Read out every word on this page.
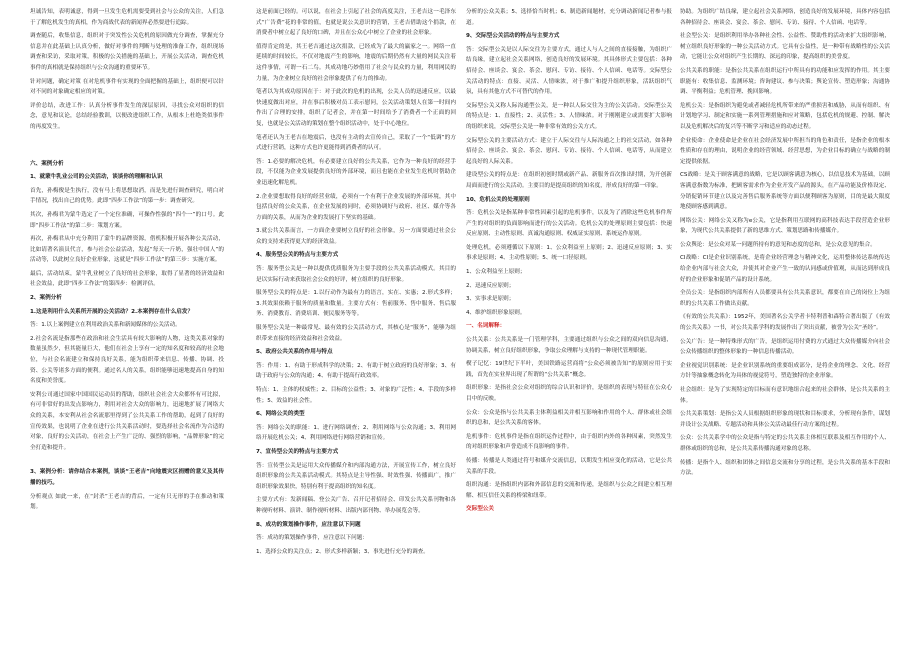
坦诚告知，表明诚意，得到一旦发生危机需要受到社会与公众的关注，人们急于了解危机发生的真相，作为商战代表的新闻界必然要进行追踪。

调查随后，收集信息，组织对于突发性公关危机的原因做充分调查，掌握充分信息并在此基础上认真分析，做好对事件的判断与处理的准备工作，组织现场调查和采访，采取对策，积极的公关措施的基础上，开展公关活动，调查危机事件的真相就是保持组织与公众沟通的重要环节。

针对问题，确定对策 在对危机事件有实现的全面把握的基础上，组织便可以针对不同的对象确定相应的对策。

评价总结，改进工作：认真分析事件发生的深层原因，寻找公众对组织的信念，意见和议论，总结经验教训，以便改进组织工作，从根本上杜绝类似事件的再度发生。

六、案例分析

1、就蒙牛乳业公司的公关活动，谈谈你的理解和认识

首先，孙梅俊是生执行，没有马上将思想取消，而是先进行调查研究，明白对手情况，找出自己的优势。此即“四步工作法”的第一步：调查研究。

其次，孙梅君为蒙牛选定了一个定位准确，可操作性强的“四个一”的口号。此即“四步工作法”的第二步：策划方案。

再次，孙梅君从中充分利用了蒙牛的品牌资源，借机积极开展各种公关活动，比如请著名演员代言，参与社会公益活动，发起“每天一斤奶，强壮中国人”的活动等，以此树立良好企业形象，这就是“四步工作法”的第三步：实施方案。

最后，活动结束，蒙牛乳业树立了良好的社会形象，取得了显著的经济效益和社会效益，此即“四步工作法”的第四步：检测评估。

2、案例分析

1.这是利用什么关系所开展的公关活动？2.本案例存在什么启发？

答：1.以上案例建立在利用政治关系和新闻媒体的公关活动。

2.社会名流是指那些在政治和社会生活具有较大影响的人物，这类关系对象的数量虽然少，但其能量巨大，他们在社会上享有一定的知名度和较高的社会地位，与社会名流建立和保持良好关系，能为组织带来信息、传播、协调、投资、公关等诸多方面的便利。通过名人的关系，组织能够迅速地提高自身的知名度和美誉度。

安利公司通过国家中国国民运动员的帮助，组织社会社会大众都怀有可比拟，有可非常好的出发点影响力，利用对社会大众的影响力，迅速地扩展了网络大众的关系，本安利从社会名流那里得到了公共关系工作的帮助，起到了良好的宣传效果，也说明了企业在进行公共关系活动时，要选择社会名流作为合适的对象，良好的公关活动，在社会上产生广泛的、强烈的影响，“品牌形象”的完全打造和提升。

3、案例分析：请你结合本案例，谈谈“王老吉”向地震灾区捐赠的意义及其传播的技巧。

分析观点 如此一来，在“封杀”王老吉的背后，一定有只无形的手在推动和策划。

这是前面已经的。可以说，在社会上引起了社会的高度关注，王老吉这一毛泽东式“广告费”花的非常的值，也就是说公关意识的营销，王老吉借助这个捐款，在消费者中树立起了良好的口碑，并且在公众心中树立了企业的社会形象。

值得肯定的是，其王老吉通过这次捐款，已经成为了最大的赢家之一。网络一直延续的时间较长，不仅对地震产生的影响，地震的后期仍然有大量的网民关注着这件事情，可谓一石二鸟。其成功地巧妙借用了社会与民众的力量，利用网民的力量，为企业树立良好的社会形象提供了有力的推动。

笔者以为其成功原因在于：对于此次的危机的出现，公关人员的迅速反应，以最快速度做出对应，并在事后积极对员工表示慰问，公关活动策划人在第一时间内作出了合理的安排，组织了记者会，并在第一时间给予了消费者一个正面的回复，也就是公关活动的策划在整个组织活动中，处于中心地位。

笔者还认为王老吉在地震后，也没有主动的去宣传自己，采取了一个“低调”的方式进行营销，这种方式也许更能得到消费者的认可。

答：1.必要的解决危机，有必要建立良好的公共关系，它作为一种良好的经营手段，不仅能为企业发展提供良好的外部环境，而且也能在企业发生危机时帮助企业迅速化解危机。

2.企业要想取得良好的经营业绩，必须有一个有利于企业发展的外部环境，其中包括良好的公众关系，在企业发展的同时，必须协调好与政府、社区、媒介等各方面的关系，从而为企业的发展打下坚实的基础。

3.就公共关系而言，一方面企业要树立良好的社会形象，另一方面要通过社会公众的支持来获得更大的经济效益。

4、服务型公关的特点与主要方式

答：服务型公关是一种以提供优质服务为主要手段的公共关系活动模式。其目的是以实际行动来获取社会公众的好评，树立组织的良好形象。

服务型公关的特点是：1.以行动作为最有力的语言，实在、实惠；2.形式多样；3.其效果依赖于服务的质量和数量。主要方式有：售前服务、售中服务、售后服务、消费教育、消费培训、便民服务等等。

服务型公关是一种最常见、最有效的公关活动方式，其核心是“服务”，能够为组织带来直接的经济效益和社会效益。

5、政府公共关系的作用与特点

答：作用：1、有助于形成科学的决策；2、有助于树立政府的良好形象；3、有助于政府与公众的沟通；4、有助于提高行政效率。

特点：1、主体的权威性；2、目标的公益性；3、对象的广泛性；4、手段的多样性；5、效益的社会性。

6、网络公关的类型

答：网络公关的职能：1、进行网络调查；2、利用网络与公众沟通；3、利用网络开展危机公关；4、利用网络进行网络营销和宣传。

7、宣传型公关的特点与主要方式

答：宣传型公关是运用大众传播媒介和内部沟通方法，开展宣传工作，树立良好组织形象的公共关系活动模式。其特点是主导性强、时效性强、传播面广，推广组织形象效果快，特别有利于提高组织的知名度。

主要方式有：发新闻稿、登公关广告、召开记者招待会、印发公共关系刊物和各种视听材料、演讲、制作视听材料、出版内部刊物、举办展览会等。

8、成功的策划操作事件，应注意以下问题

答：成功的策划操作事件，应注意以下问题：

1、选择公众的关注点；2、形式多样新颖；3、事先进行充分的调查。

分析的公众关系；5、选择恰当时机；6、制造新闻题材，充分调动新闻记者参与报道。

9、交际型公关活动的特点与主要方式

答：交际型公关是以人际交往为主要方式，通过人与人之间的直接接触，为组织广结良缘，建立起社会关系网络，创造良好的发展环境。其具体形式主要包括：各种招待会、座谈会、宴会、茶会、慰问、专访、接待、个人信函、电话等。交际型公关活动的特点：直接、灵活、人情味浓，对于推广和提升组织形象，活跃组织气氛，具有其他方式不可替代的作用。

交际型公关又称人际沟通型公关，是一种以人际交往为主的公关活动。交际型公关的特点是：1、直接性；2、灵活性；3、人情味浓。对于刚刚建立或需要扩大影响的组织来说，交际型公关是一种非常有效的公关方式。

交际型公关的主要活动方式：建立于人际交往与人际沟通之上的社交活动，如各种招待会、座谈会、宴会、茶会、慰问、专访、接待、个人信函、电话等，从而建立起良好的人际关系。

建设型公关的特点是：在组织初创时期或新产品、新服务首次推出时期，为开创新局面而进行的公关活动。主要目的是提高组织的知名度，形成良好的第一印象。

10、危机公关的处理原则

答：危机公关是指某种非常性因素引起的危机事件，以及为了消除这些危机事件所产生的对组织的负面影响而进行的公关活动。危机公关的处理原则主要包括：快速反应原则、主动性原则、真诚沟通原则、权威证实原则、系统运作原则。

处理危机，必须遵循以下原则：1、公众利益至上原则；2、迅速反应原则；3、实事求是原则；4、主动性原则；5、统一口径原则。

1、公众利益至上原则；

2、迅速反应原则；

3、实事求是原则；

4、维护组织形象原则。

一、名词解释：

公共关系：公共关系是一门管理学科，主要通过组织与公众之间的双向信息沟通，协调关系，树立良好组织形象，争取公众理解与支持的一种现代管理职能。

楔子记忆：19世纪下半叶，美国铁路运营商将“公众必须被告知”的原则应用于实践，首先在实业界出现了所谓的“公共关系”概念。

组织形象：是指社会公众对组织的综合认识和评价，是组织的表现与特征在公众心目中的反映。

公众：公众是指与公共关系主体利益相关并相互影响和作用的个人、群体或社会组织的总和，是公共关系的客体。

危机事件：危机事件是指在组织运作过程中，由于组织内外的各种因素，突然发生的对组织形象和声誉造成不良影响的事件。

传播：传播是人类通过符号和媒介交流信息，以期发生相应变化的活动，它是公共关系的手段。

组织沟通：是指组织内部和外部信息的交流和传递，是组织与公众之间建立相互理解、相互信任关系的桥梁和纽带。

交际型公关

协助。为组织广结良缘，建立起社会关系网络，创造良好的发展环境，具体内容包括各种招待会、座谈会、宴会、茶会、慰问、专访、接待、个人信函、电话等。

社会型公关：是组织利用举办各种社会性、公益性、赞助性的活动来扩大组织影响，树立组织良好形象的一种公关活动方式。它具有公益性，是一种带有战略性的公关活动，它能让公众对组织产生长期的、深远的印象，提高组织的美誉度。

公共关系的职能：是指公共关系在组织运行中所具有的功能和应发挥的作用。其主要职能有：收集信息、监测环境；咨询建议、参与决策；舆论宣传、塑造形象；沟通协调、平衡利益；危机管理、挽回影响。

危机公关：是指组织为避免或者减轻危机所带来的严重损害和威胁，从而有组织、有计划地学习、制定和实施一系列管理措施和应对策略，包括危机的规避、控制、解决以及危机解决后的复兴等不断学习和适应的动态过程。

企业使命：企业使命是企业在社会经济发展中所担当的角色和责任，是指企业的根本性质和存在的理由，说明企业的经营领域、经营思想，为企业目标的确立与战略的制定提供依据。

CS战略：是关于顾客满意的战略，它是以顾客满意为核心，以信息技术为基础，以顾客满意指数为标准，把顾客需求作为企业开发产品的源头，在产品功能及价格设定、分销促销环节建立以及完善售后服务系统等方面以便利顾客为原则，目的是最大限度地使顾客感到满意。

网络公关：网络公关又称为e公关，它是指利用互联网的高科技表达手段营造企业形象，为现代公共关系提供了新的思维方式、策划思路和传播媒介。

公众舆论：是公众对某一问题所持有的意见和态度的总和，是公众意见的集合。

CI战略：CI是企业识别系统，是将企业经营理念与精神文化，运用整体传达系统传达给企业内部与社会大众，并使其对企业产生一致的认同感或价值观，从而达到形成良好的企业形象和促销产品的设计系统。

全员公关：是指组织内部所有人员都要具有公共关系意识，都要在自己的岗位上为组织的公共关系工作做出贡献。

《有效的公共关系》：1952年，美国著名公关学者卡特利普和森特合著出版了《有效的公共关系》一书，对公共关系学科的发展作出了突出贡献，被誉为公关“圣经”。

公关广告：是一种特殊形式的广告，是组织运用付费的方式通过大众传播媒介向社会公众传播组织的整体形象的一种信息传播活动。

企业视觉识别系统：是企业识别系统的重要组成部分，是将企业的理念、文化、经营方针等抽象概念转化为具体的视觉符号，塑造独特的企业形象。

社会组织：是为了实现特定的目标而有意识地组合起来的社会群体，是公共关系的主体。

公共关系策划：是指公关人员根据组织形象的现状和目标要求，分析现有条件，谋划并设计公关战略、专题活动和具体公关活动最佳行动方案的过程。

公众：公共关系学中的公众是指与特定的公共关系主体相互联系及相互作用的个人、群体或组织的总和，是公共关系传播沟通对象的总称。

传播：是指个人、组织和团体之间信息交流和分享的过程，是公共关系的基本手段和方法。
